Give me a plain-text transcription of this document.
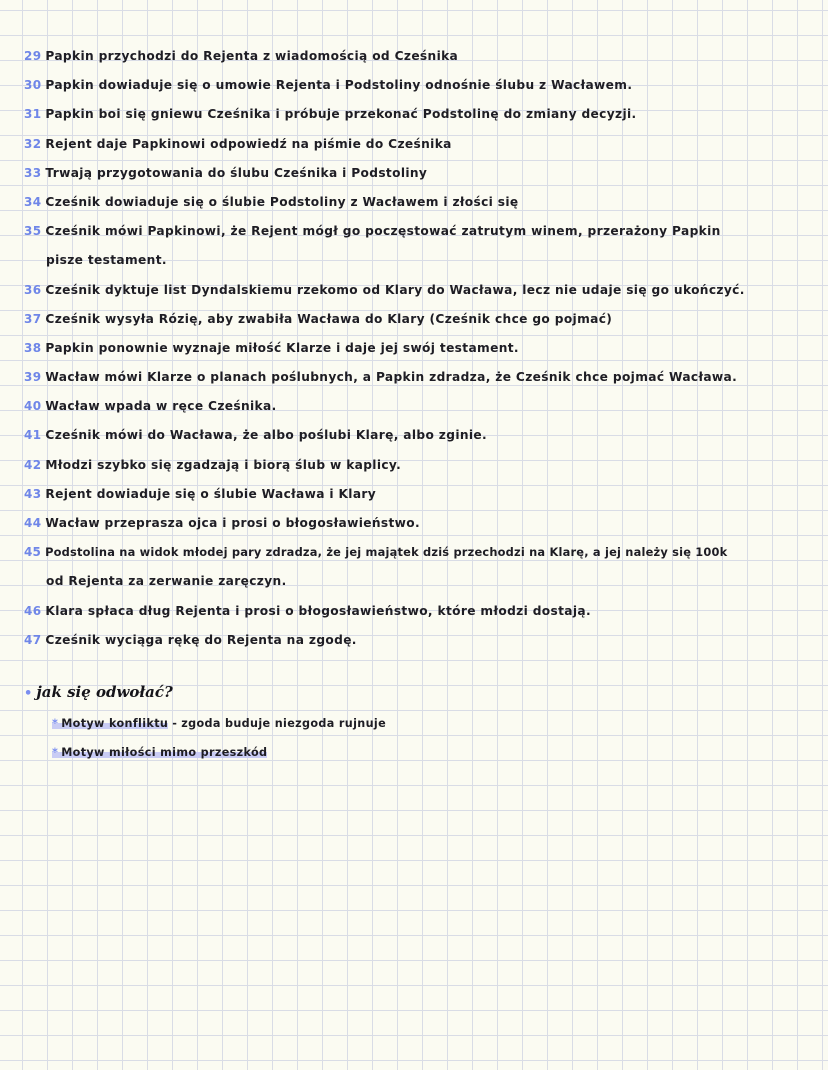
29 Papkin przychodzi do Rejenta z wiadomością od Cześnika
30 Papkin dowiaduje się o umowie Rejenta i Podstoliny odnośnie ślubu z Wacławem.
31 Papkin boi się gniewu Cześnika i próbuje przekonać Podstolinę do zmiany decyzji.
32 Rejent daje Papkinowi odpowiedź na piśmie do Cześnika
33 Trwają przygotowania do ślubu Cześnika i Podstoliny
34 Cześnik dowiaduje się o ślubie Podstoliny z Wacławem i złości się
35 Cześnik mówi Papkinowi, że Rejent mógł go poczęstować zatrutym winem, przerażony Papkin
pisze testament.
36 Cześnik dyktuje list Dyndalskiemu rzekomo od Klary do Wacława, lecz nie udaje się go ukończyć.
37 Cześnik wysyła Rózię, aby zwabiła Wacława do Klary (Cześnik chce go pojmać)
38 Papkin ponownie wyznaje miłość Klarze i daje jej swój testament.
39 Wacław mówi Klarze o planach poślubnych, a Papkin zdradza, że Cześnik chce pojmać Wacława.
40 Wacław wpada w ręce Cześnika.
41 Cześnik mówi do Wacława, że albo poślubi Klarę, albo zginie.
42 Młodzi szybko się zgadzają i biorą ślub w kaplicy.
43 Rejent dowiaduje się o ślubie Wacława i Klary
44 Wacław przeprasza ojca i prosi o błogosławieństwo.
45 Podstolina na widok młodej pary zdradza, że jej majątek dziś przechodzi na Klarę, a jej należy się 100k
od Rejenta za zerwanie zaręczyn.
46 Klara spłaca dług Rejenta i prosi o błogosławieństwo, które młodzi dostają.
47 Cześnik wyciąga rękę do Rejenta na zgodę.
• jak się odwołać?
* Motyw konfliktu - zgoda buduje niezgoda rujnuje
* Motyw miłości mimo przeszkód
